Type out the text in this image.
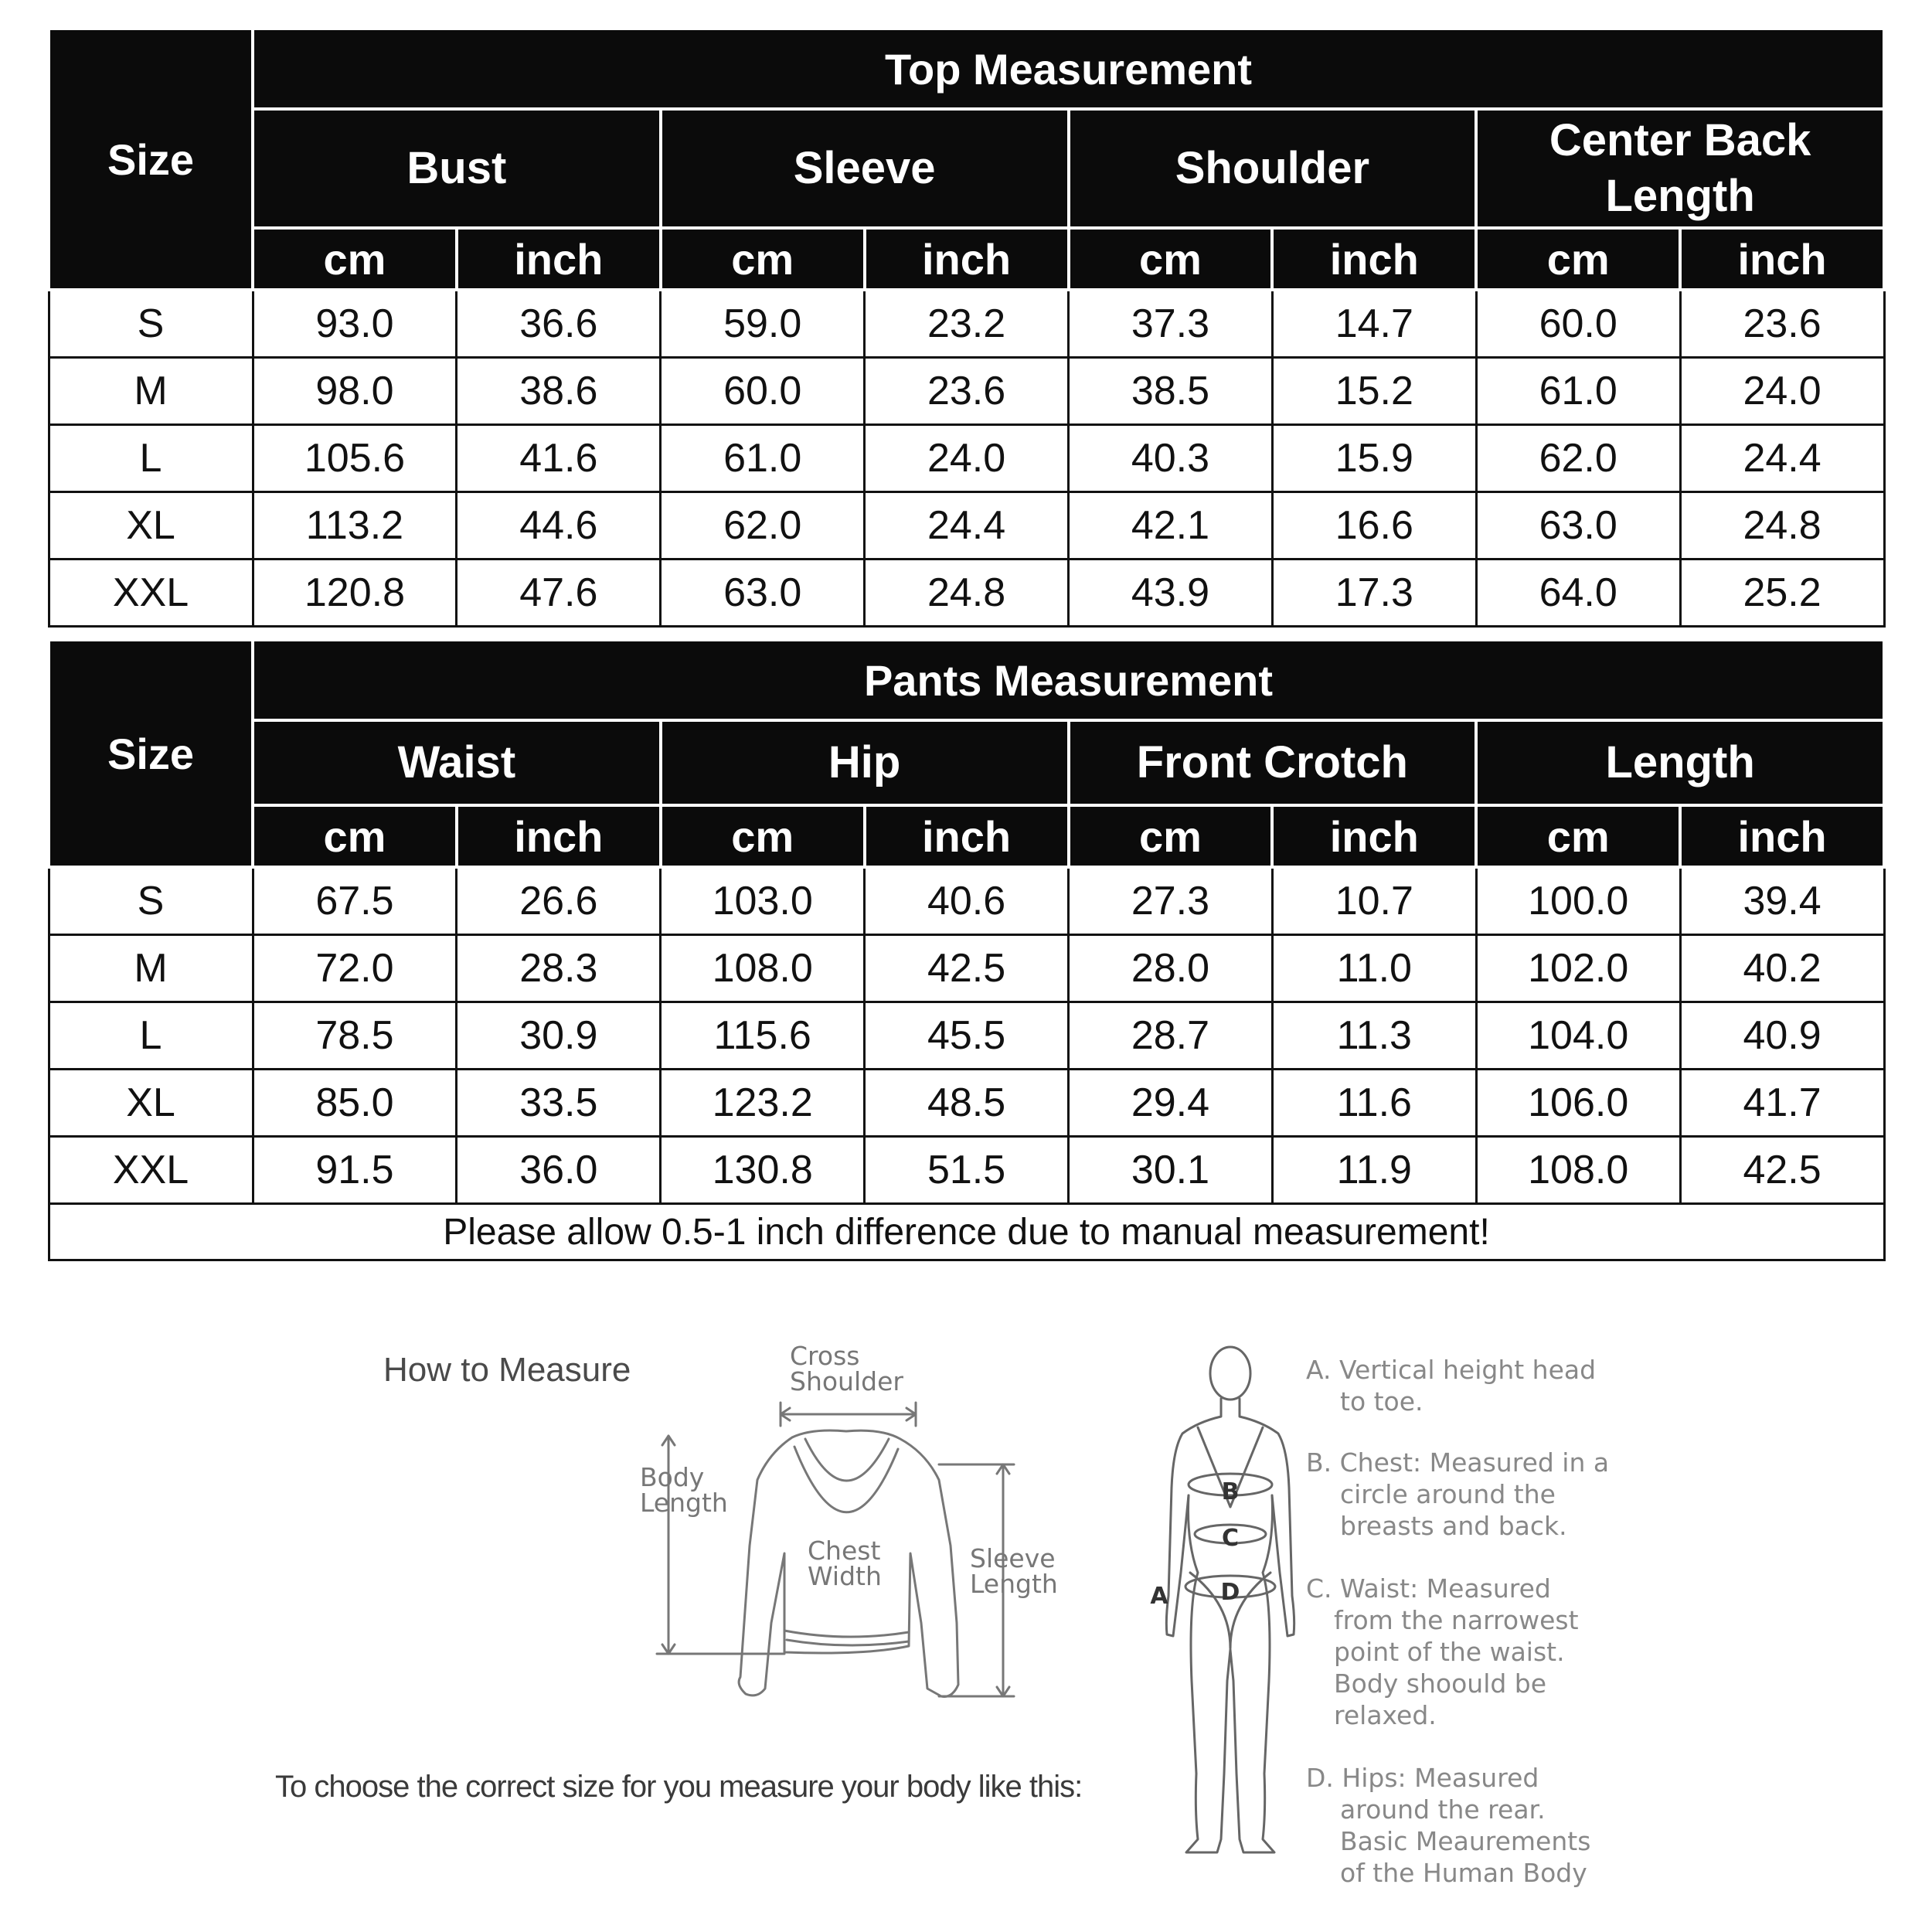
Size	Top Measurement							
	Bust		Sleeve		Shoulder		Center Back Length	
	cm	inch	cm	inch	cm	inch	cm	inch
S	93.0	36.6	59.0	23.2	37.3	14.7	60.0	23.6
M	98.0	38.6	60.0	23.6	38.5	15.2	61.0	24.0
L	105.6	41.6	61.0	24.0	40.3	15.9	62.0	24.4
XL	113.2	44.6	62.0	24.4	42.1	16.6	63.0	24.8
XXL	120.8	47.6	63.0	24.8	43.9	17.3	64.0	25.2
Size	Pants Measurement							
	Waist		Hip		Front Crotch		Length	
	cm	inch	cm	inch	cm	inch	cm	inch
S	67.5	26.6	103.0	40.6	27.3	10.7	100.0	39.4
M	72.0	28.3	108.0	42.5	28.0	11.0	102.0	40.2
L	78.5	30.9	115.6	45.5	28.7	11.3	104.0	40.9
XL	85.0	33.5	123.2	48.5	29.4	11.6	106.0	41.7
XXL	91.5	36.0	130.8	51.5	30.1	11.9	108.0	42.5
Please allow 0.5-1 inch difference due to manual measurement!								
How to Measure
To choose the correct size for you measure your body like this:
Cross
Shoulder
Body
Length
Chest
Width
Sleeve
Length
B
C
D
A
A. Vertical height head
to toe.
B. Chest: Measured in a
circle around the
breasts and back.
C. Waist: Measured
from the narrowest
point of the waist.
Body shoould be
relaxed.
D. Hips: Measured
around the rear.
Basic Meaurements
of the Human Body
